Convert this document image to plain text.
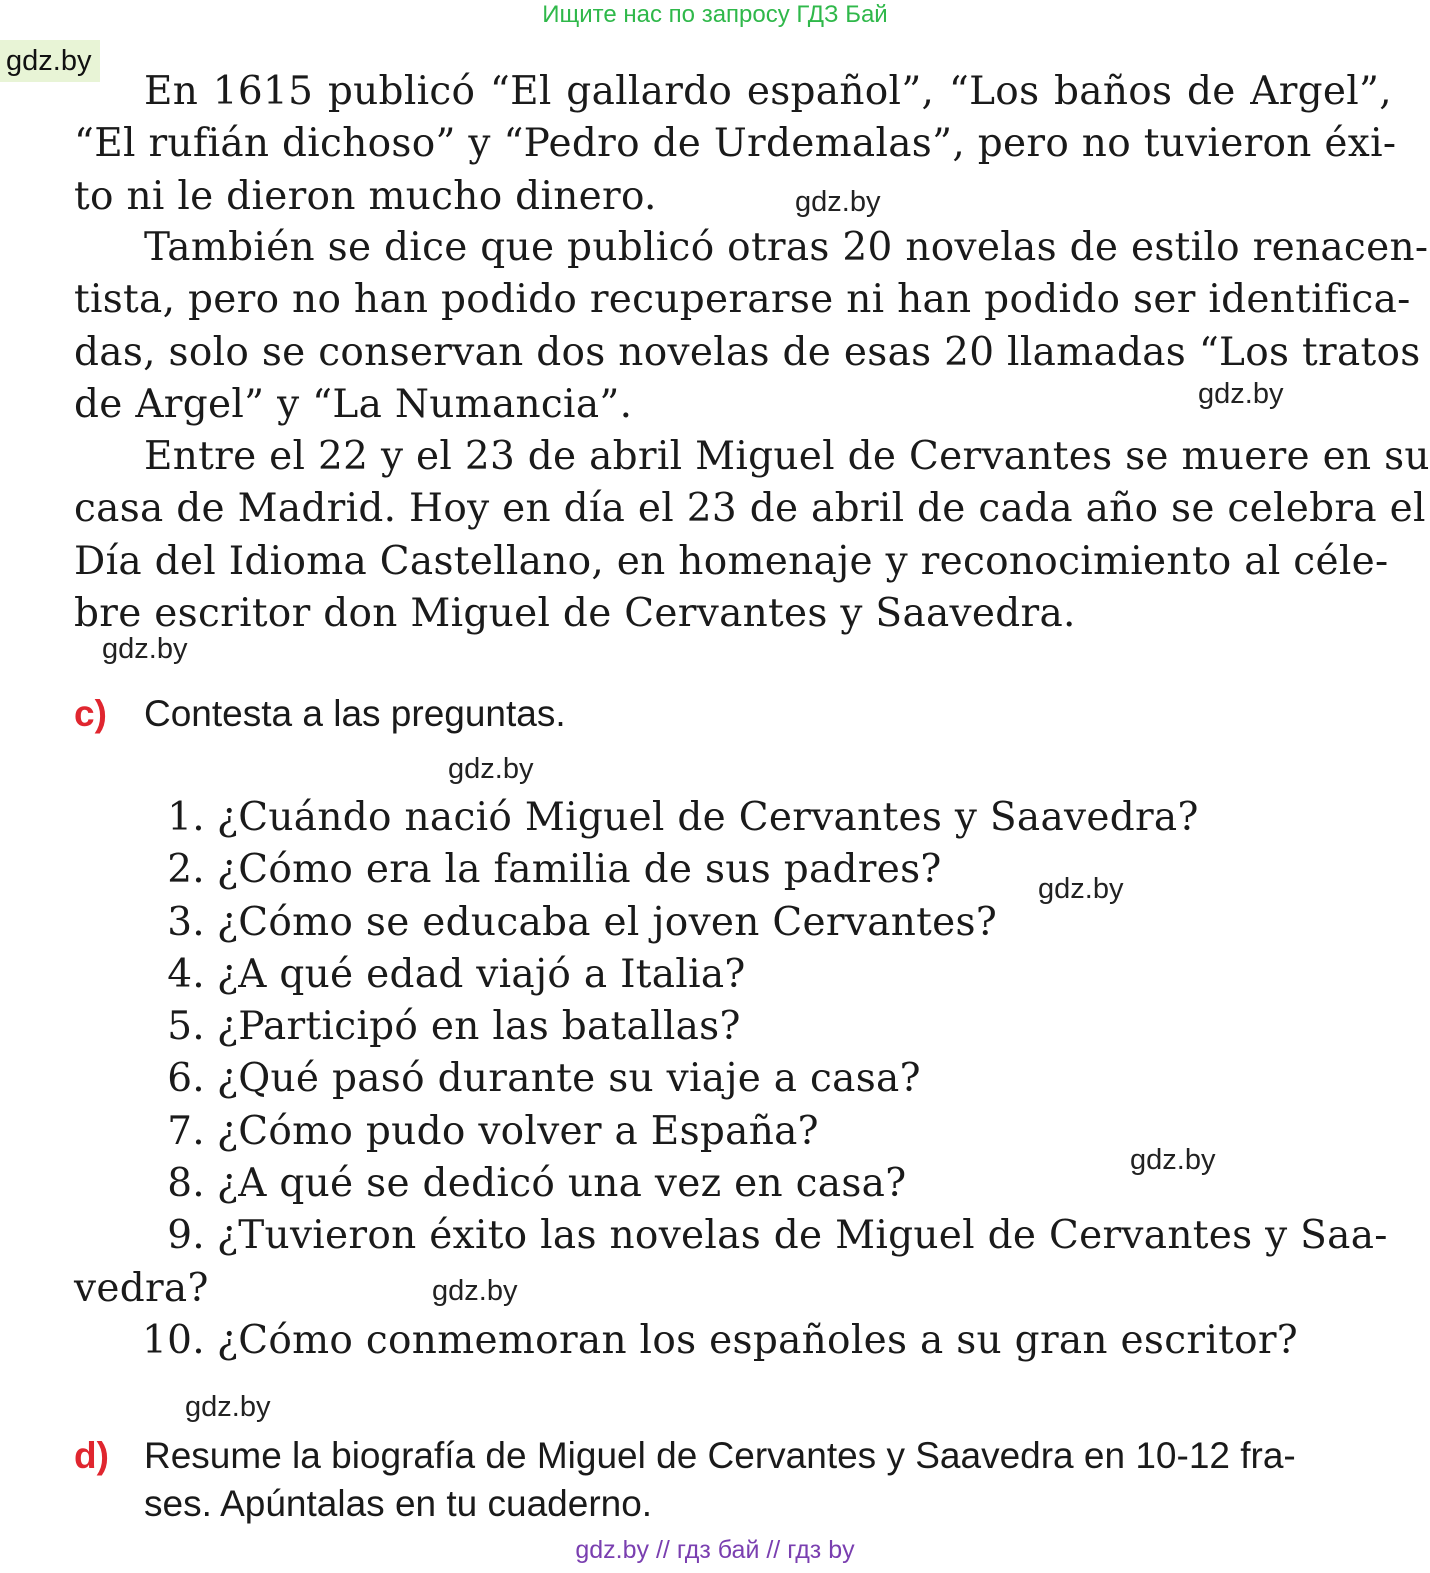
Ищите нас по запросу ГДЗ Бай
gdz.by
En 1615 publicó “El gallardo español”, “Los baños de Argel”,
“El rufián dichoso” y “Pedro de Urdemalas”, pero no tuvieron éxi-
to ni le dieron mucho dinero.
También se dice que publicó otras 20 novelas de estilo renacen-
tista, pero no han podido recuperarse ni han podido ser identifica-
das, solo se conservan dos novelas de esas 20 llamadas “Los tratos
de Argel” y “La Numancia”.
Entre el 22 y el 23 de abril Miguel de Cervantes se muere en su
casa de Madrid. Hoy en día el 23 de abril de cada año se celebra el
Día del Idioma Castellano, en homenaje y reconocimiento al céle-
bre escritor don Miguel de Cervantes y Saavedra.
c) Contesta a las preguntas.
1. ¿Cuándo nació Miguel de Cervantes y Saavedra?
2. ¿Cómo era la familia de sus padres?
3. ¿Cómo se educaba el joven Cervantes?
4. ¿A qué edad viajó a Italia?
5. ¿Participó en las batallas?
6. ¿Qué pasó durante su viaje a casa?
7. ¿Cómo pudo volver a España?
8. ¿A qué se dedicó una vez en casa?
9. ¿Tuvieron éxito las novelas de Miguel de Cervantes y Saa-
vedra?
10. ¿Cómo conmemoran los españoles a su gran escritor?
d) Resume la biografía de Miguel de Cervantes y Saavedra en 10-12 fra-
ses. Apúntalas en tu cuaderno.
gdz.by
gdz.by
gdz.by
gdz.by
gdz.by
gdz.by
gdz.by
gdz.by
gdz.by // гдз бай // гдз by
